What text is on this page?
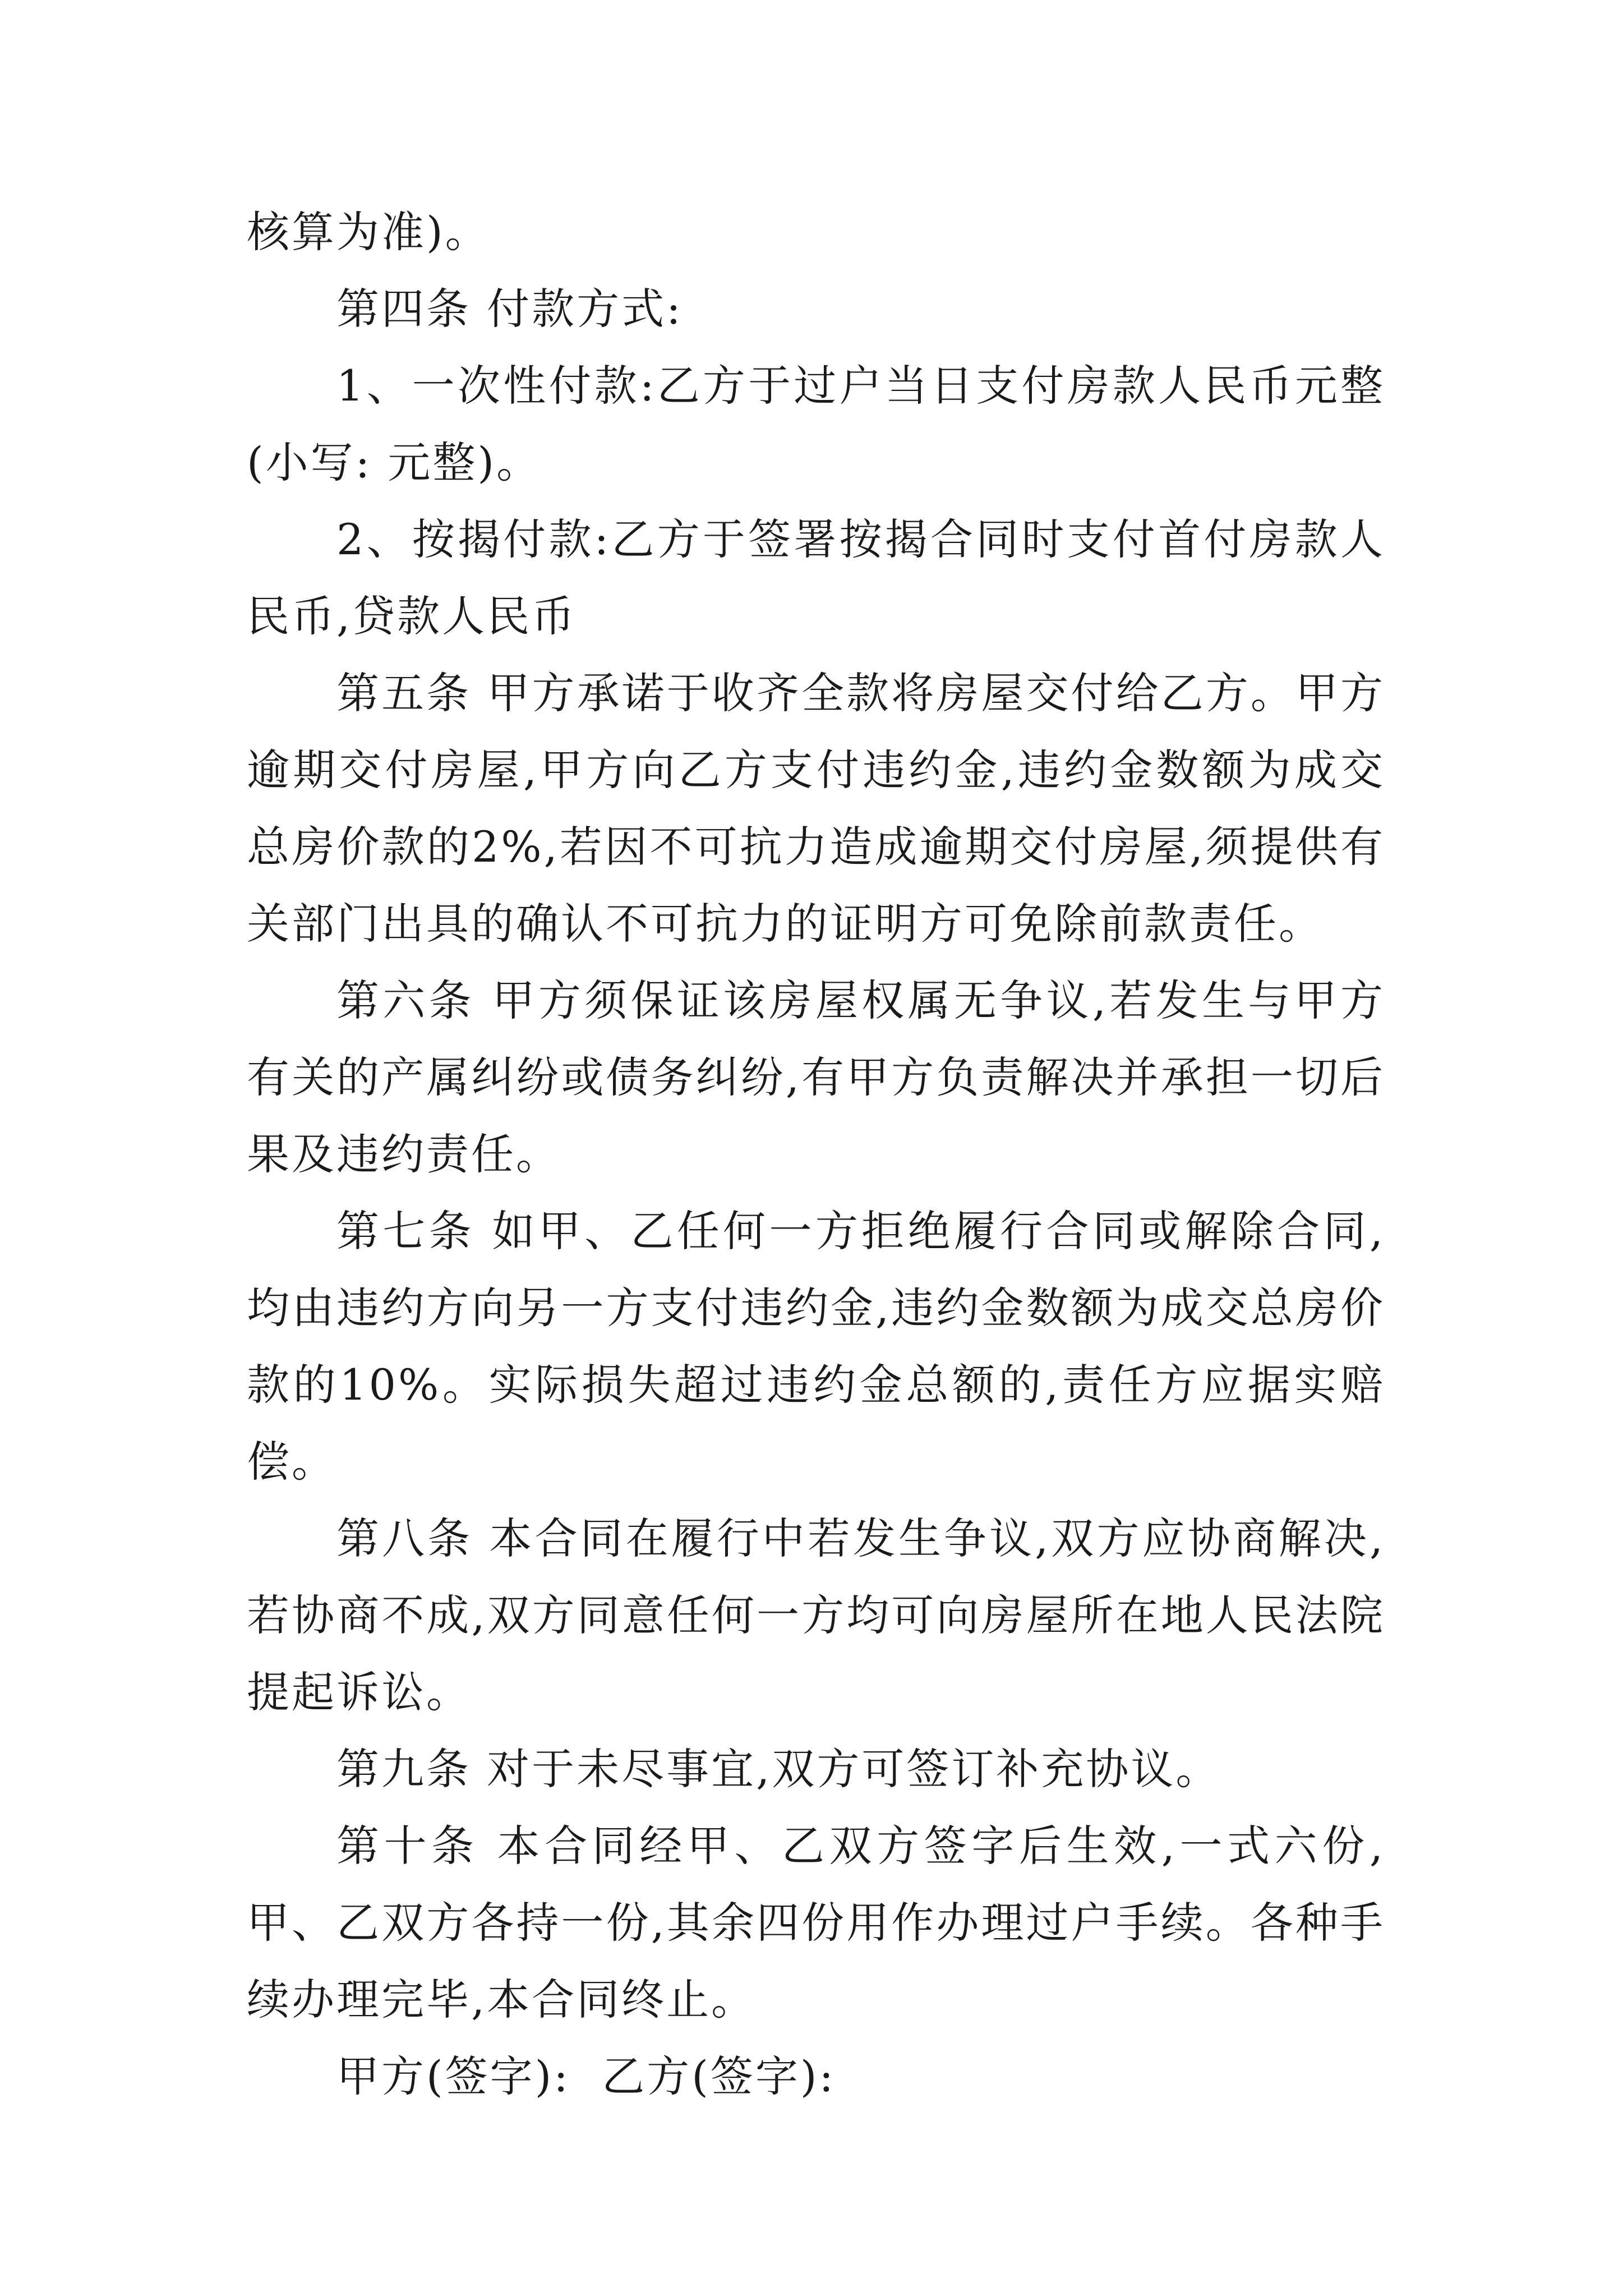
核算为准)。

第四条 付款方式:

1、一次性付款:乙方于过户当日支付房款人民币元整(小写: 元整)。

2、按揭付款:乙方于签署按揭合同时支付首付房款人民币,贷款人民币

第五条 甲方承诺于收齐全款将房屋交付给乙方。甲方逾期交付房屋,甲方向乙方支付违约金,违约金数额为成交总房价款的2%,若因不可抗力造成逾期交付房屋,须提供有关部门出具的确认不可抗力的证明方可免除前款责任。

第六条 甲方须保证该房屋权属无争议,若发生与甲方有关的产属纠纷或债务纠纷,有甲方负责解决并承担一切后果及违约责任。

第七条 如甲、乙任何一方拒绝履行合同或解除合同,均由违约方向另一方支付违约金,违约金数额为成交总房价款的10%。实际损失超过违约金总额的,责任方应据实赔偿。

第八条 本合同在履行中若发生争议,双方应协商解决,若协商不成,双方同意任何一方均可向房屋所在地人民法院提起诉讼。

第九条 对于未尽事宜,双方可签订补充协议。

第十条 本合同经甲、乙双方签字后生效,一式六份,甲、乙双方各持一份,其余四份用作办理过户手续。各种手续办理完毕,本合同终止。

甲方(签字): 乙方(签字):
